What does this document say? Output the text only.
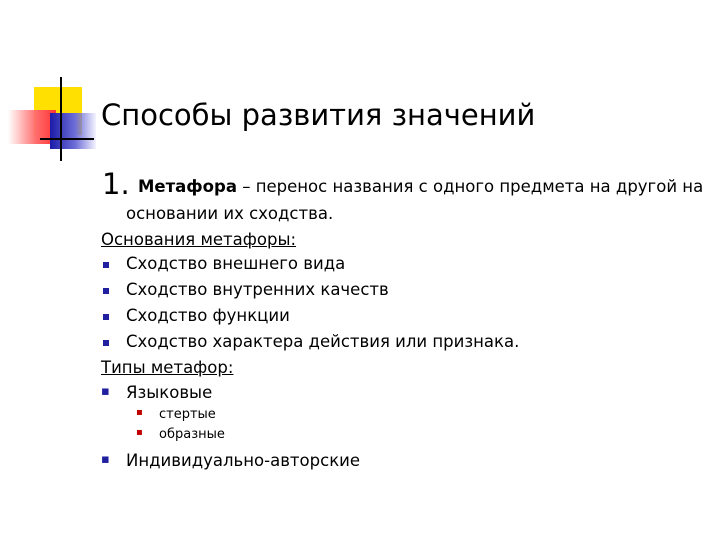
Способы развития значений
1. Метафора – перенос названия с одного предмета на другой на
основании их сходства.
Основания метафоры:
Сходство внешнего вида
Сходство внутренних качеств
Сходство функции
Сходство характера действия или признака.
Типы метафор:
▪ Языковые
▪ стертые
▪ образные
▪ Индивидуально-авторские
